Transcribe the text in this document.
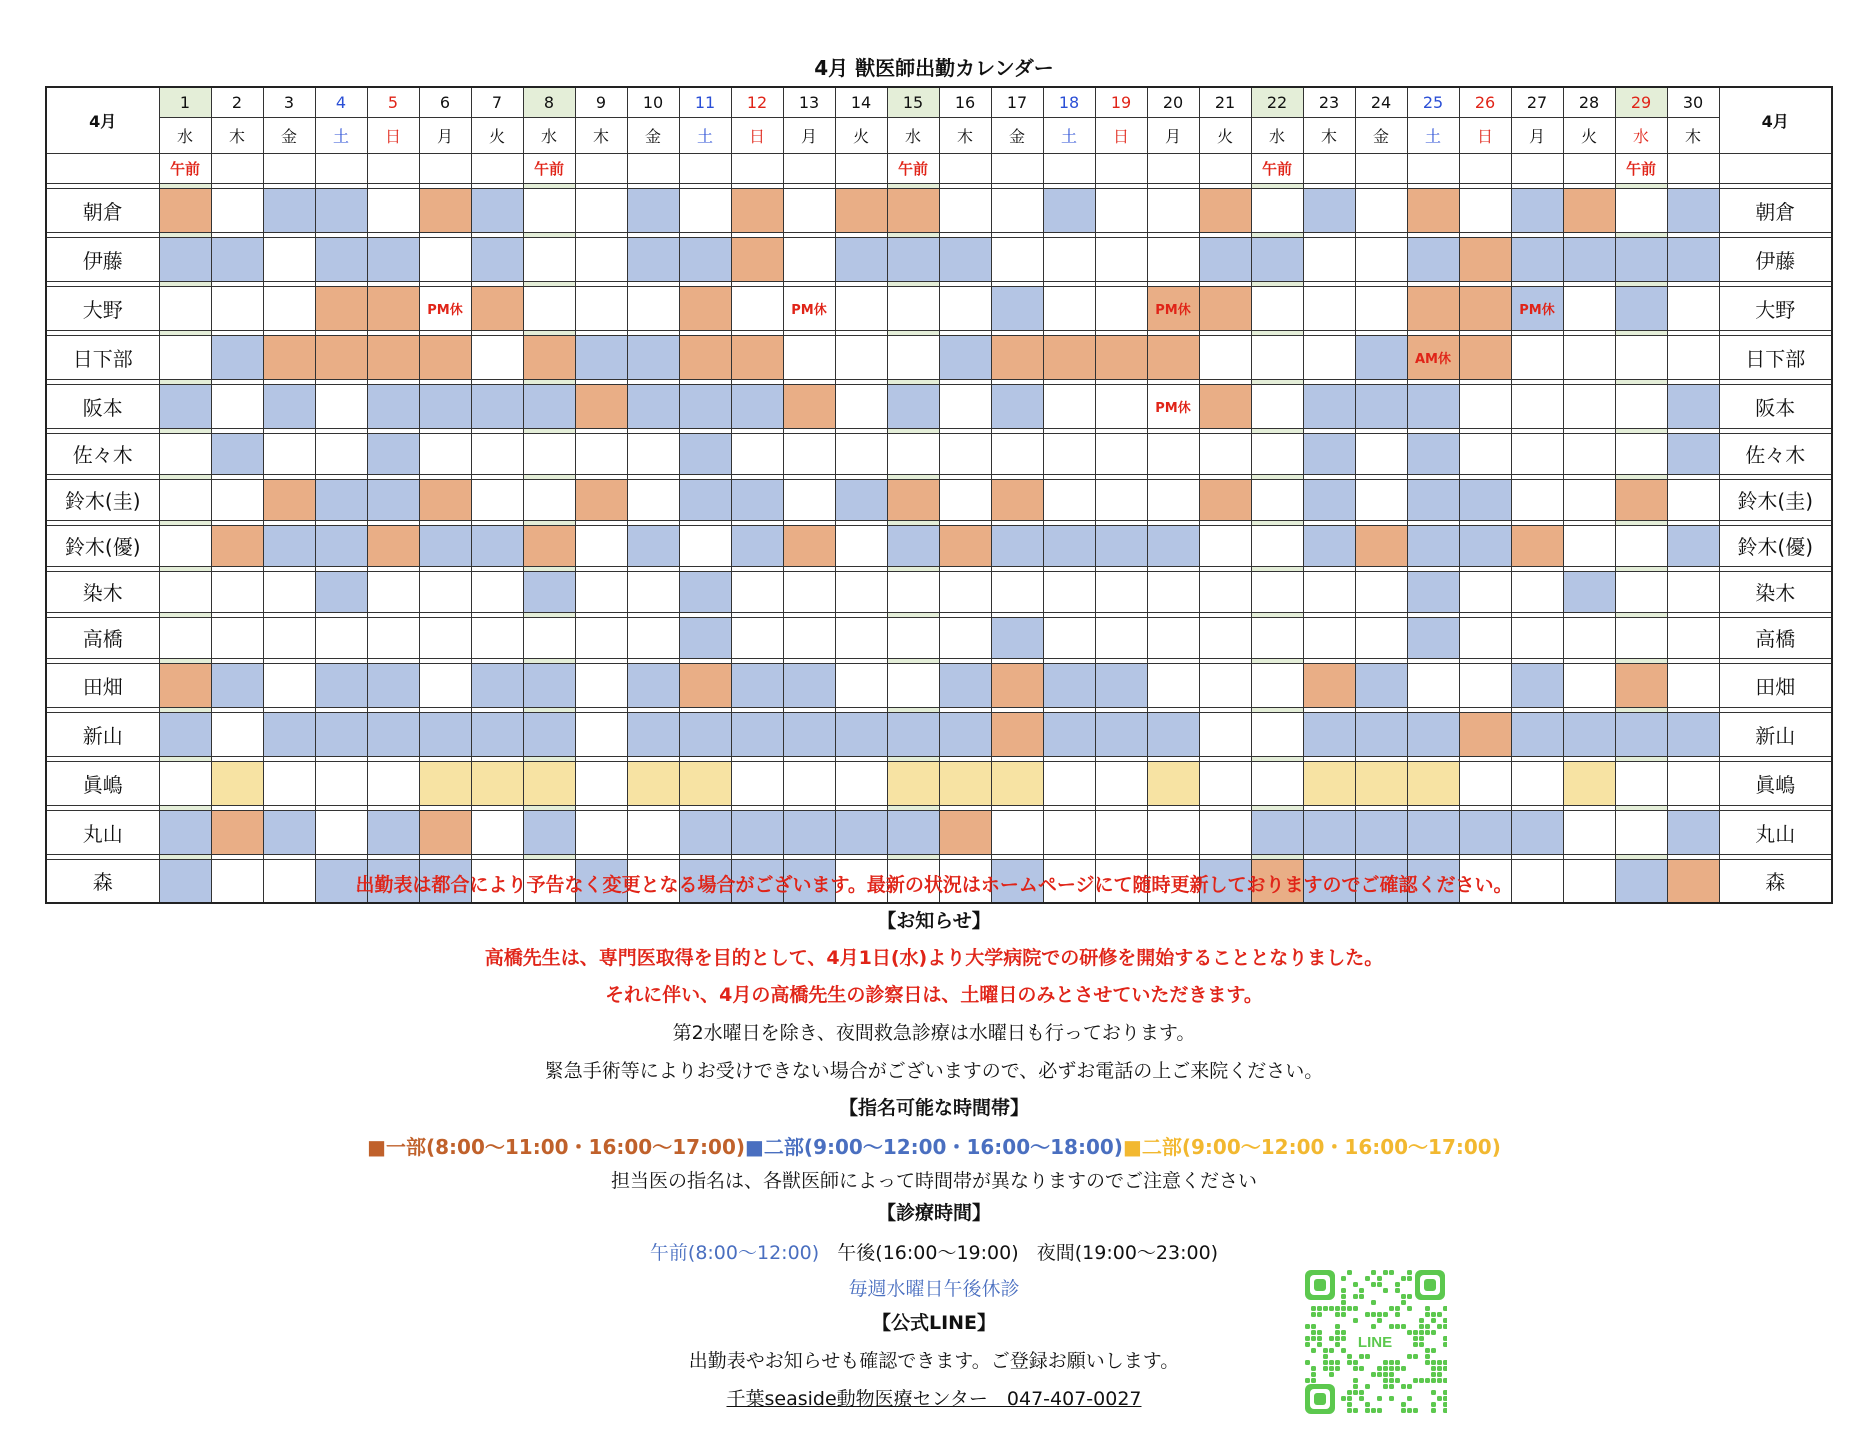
4月 獣医師出勤カレンダー
4月	1	2	3	4	5	6	7	8	9	10	11	12	13	14	15	16	17	18	19	20	21	22	23	24	25	26	27	28	29	30	4月
	水	木	金	土	日	月	火	水	木	金	土	日	月	火	水	木	金	土	日	月	火	水	木	金	土	日	月	火	水	木	
	午前							午前							午前							午前							午前		

朝倉																															朝倉

伊藤																															伊藤

大野						PM休							PM休							PM休							PM休				大野

日下部																									AM休						日下部

阪本																				PM休											阪本

佐々木																															佐々木

鈴木(圭)																															鈴木(圭)

鈴木(優)																															鈴木(優)

染木																															染木

高橋																															高橋

田畑																															田畑

新山																															新山

眞嶋																															眞嶋

丸山																															丸山

森																															森
出勤表は都合により予告なく変更となる場合がございます。最新の状況はホームページにて随時更新しておりますのでご確認ください。
【お知らせ】
高橋先生は、専門医取得を目的として、4月1日(水)より大学病院での研修を開始することとなりました。
それに伴い、4月の高橋先生の診察日は、土曜日のみとさせていただきます。
第2水曜日を除き、夜間救急診療は水曜日も行っております。
緊急手術等によりお受けできない場合がございますので、必ずお電話の上ご来院ください。
【指名可能な時間帯】
■一部(8:00〜11:00・16:00〜17:00)■二部(9:00〜12:00・16:00〜18:00)■二部(9:00〜12:00・16:00〜17:00)
担当医の指名は、各獣医師によって時間帯が異なりますのでご注意ください
【診療時間】
午前(8:00〜12:00) 午後(16:00〜19:00) 夜間(19:00〜23:00)
毎週水曜日午後休診
【公式LINE】
出勤表やお知らせも確認できます。ご登録お願いします。
千葉seaside動物医療センター　047-407-0027
LINE
